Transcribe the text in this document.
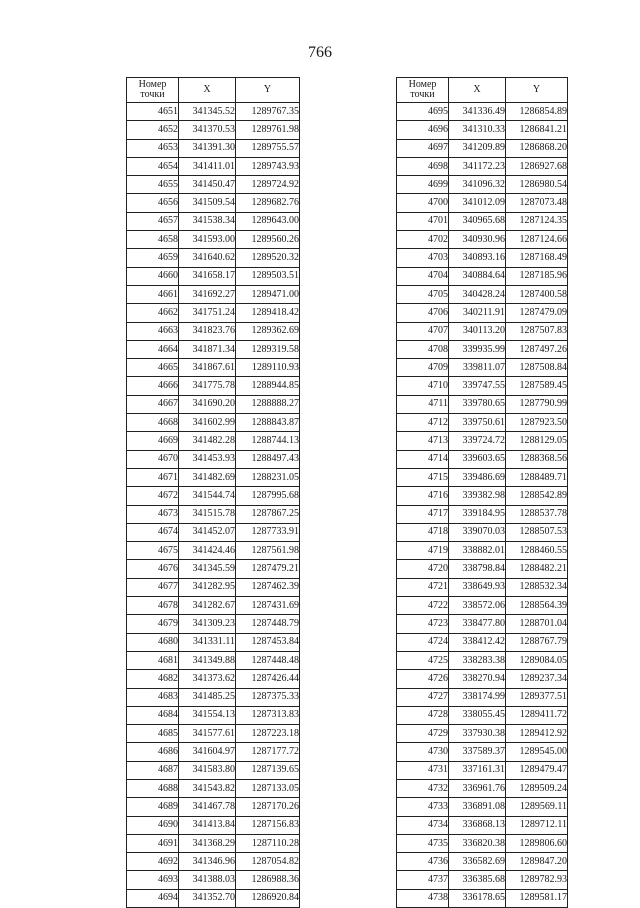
766
Номер
точки	X	Y
4651	341345.52	1289767.35
4652	341370.53	1289761.98
4653	341391.30	1289755.57
4654	341411.01	1289743.93
4655	341450.47	1289724.92
4656	341509.54	1289682.76
4657	341538.34	1289643.00
4658	341593.00	1289560.26
4659	341640.62	1289520.32
4660	341658.17	1289503.51
4661	341692.27	1289471.00
4662	341751.24	1289418.42
4663	341823.76	1289362.69
4664	341871.34	1289319.58
4665	341867.61	1289110.93
4666	341775.78	1288944.85
4667	341690.20	1288888.27
4668	341602.99	1288843.87
4669	341482.28	1288744.13
4670	341453.93	1288497.43
4671	341482.69	1288231.05
4672	341544.74	1287995.68
4673	341515.78	1287867.25
4674	341452.07	1287733.91
4675	341424.46	1287561.98
4676	341345.59	1287479.21
4677	341282.95	1287462.39
4678	341282.67	1287431.69
4679	341309.23	1287448.79
4680	341331.11	1287453.84
4681	341349.88	1287448.48
4682	341373.62	1287426.44
4683	341485.25	1287375.33
4684	341554.13	1287313.83
4685	341577.61	1287223.18
4686	341604.97	1287177.72
4687	341583.80	1287139.65
4688	341543.82	1287133.05
4689	341467.78	1287170.26
4690	341413.84	1287156.83
4691	341368.29	1287110.28
4692	341346.96	1287054.82
4693	341388.03	1286988.36
4694	341352.70	1286920.84
Номер
точки	X	Y
4695	341336.49	1286854.89
4696	341310.33	1286841.21
4697	341209.89	1286868.20
4698	341172.23	1286927.68
4699	341096.32	1286980.54
4700	341012.09	1287073.48
4701	340965.68	1287124.35
4702	340930.96	1287124.66
4703	340893.16	1287168.49
4704	340884.64	1287185.96
4705	340428.24	1287400.58
4706	340211.91	1287479.09
4707	340113.20	1287507.83
4708	339935.99	1287497.26
4709	339811.07	1287508.84
4710	339747.55	1287589.45
4711	339780.65	1287790.99
4712	339750.61	1287923.50
4713	339724.72	1288129.05
4714	339603.65	1288368.56
4715	339486.69	1288489.71
4716	339382.98	1288542.89
4717	339184.95	1288537.78
4718	339070.03	1288507.53
4719	338882.01	1288460.55
4720	338798.84	1288482.21
4721	338649.93	1288532.34
4722	338572.06	1288564.39
4723	338477.80	1288701.04
4724	338412.42	1288767.79
4725	338283.38	1289084.05
4726	338270.94	1289237.34
4727	338174.99	1289377.51
4728	338055.45	1289411.72
4729	337930.38	1289412.92
4730	337589.37	1289545.00
4731	337161.31	1289479.47
4732	336961.76	1289509.24
4733	336891.08	1289569.11
4734	336868.13	1289712.11
4735	336820.38	1289806.60
4736	336582.69	1289847.20
4737	336385.68	1289782.93
4738	336178.65	1289581.17
